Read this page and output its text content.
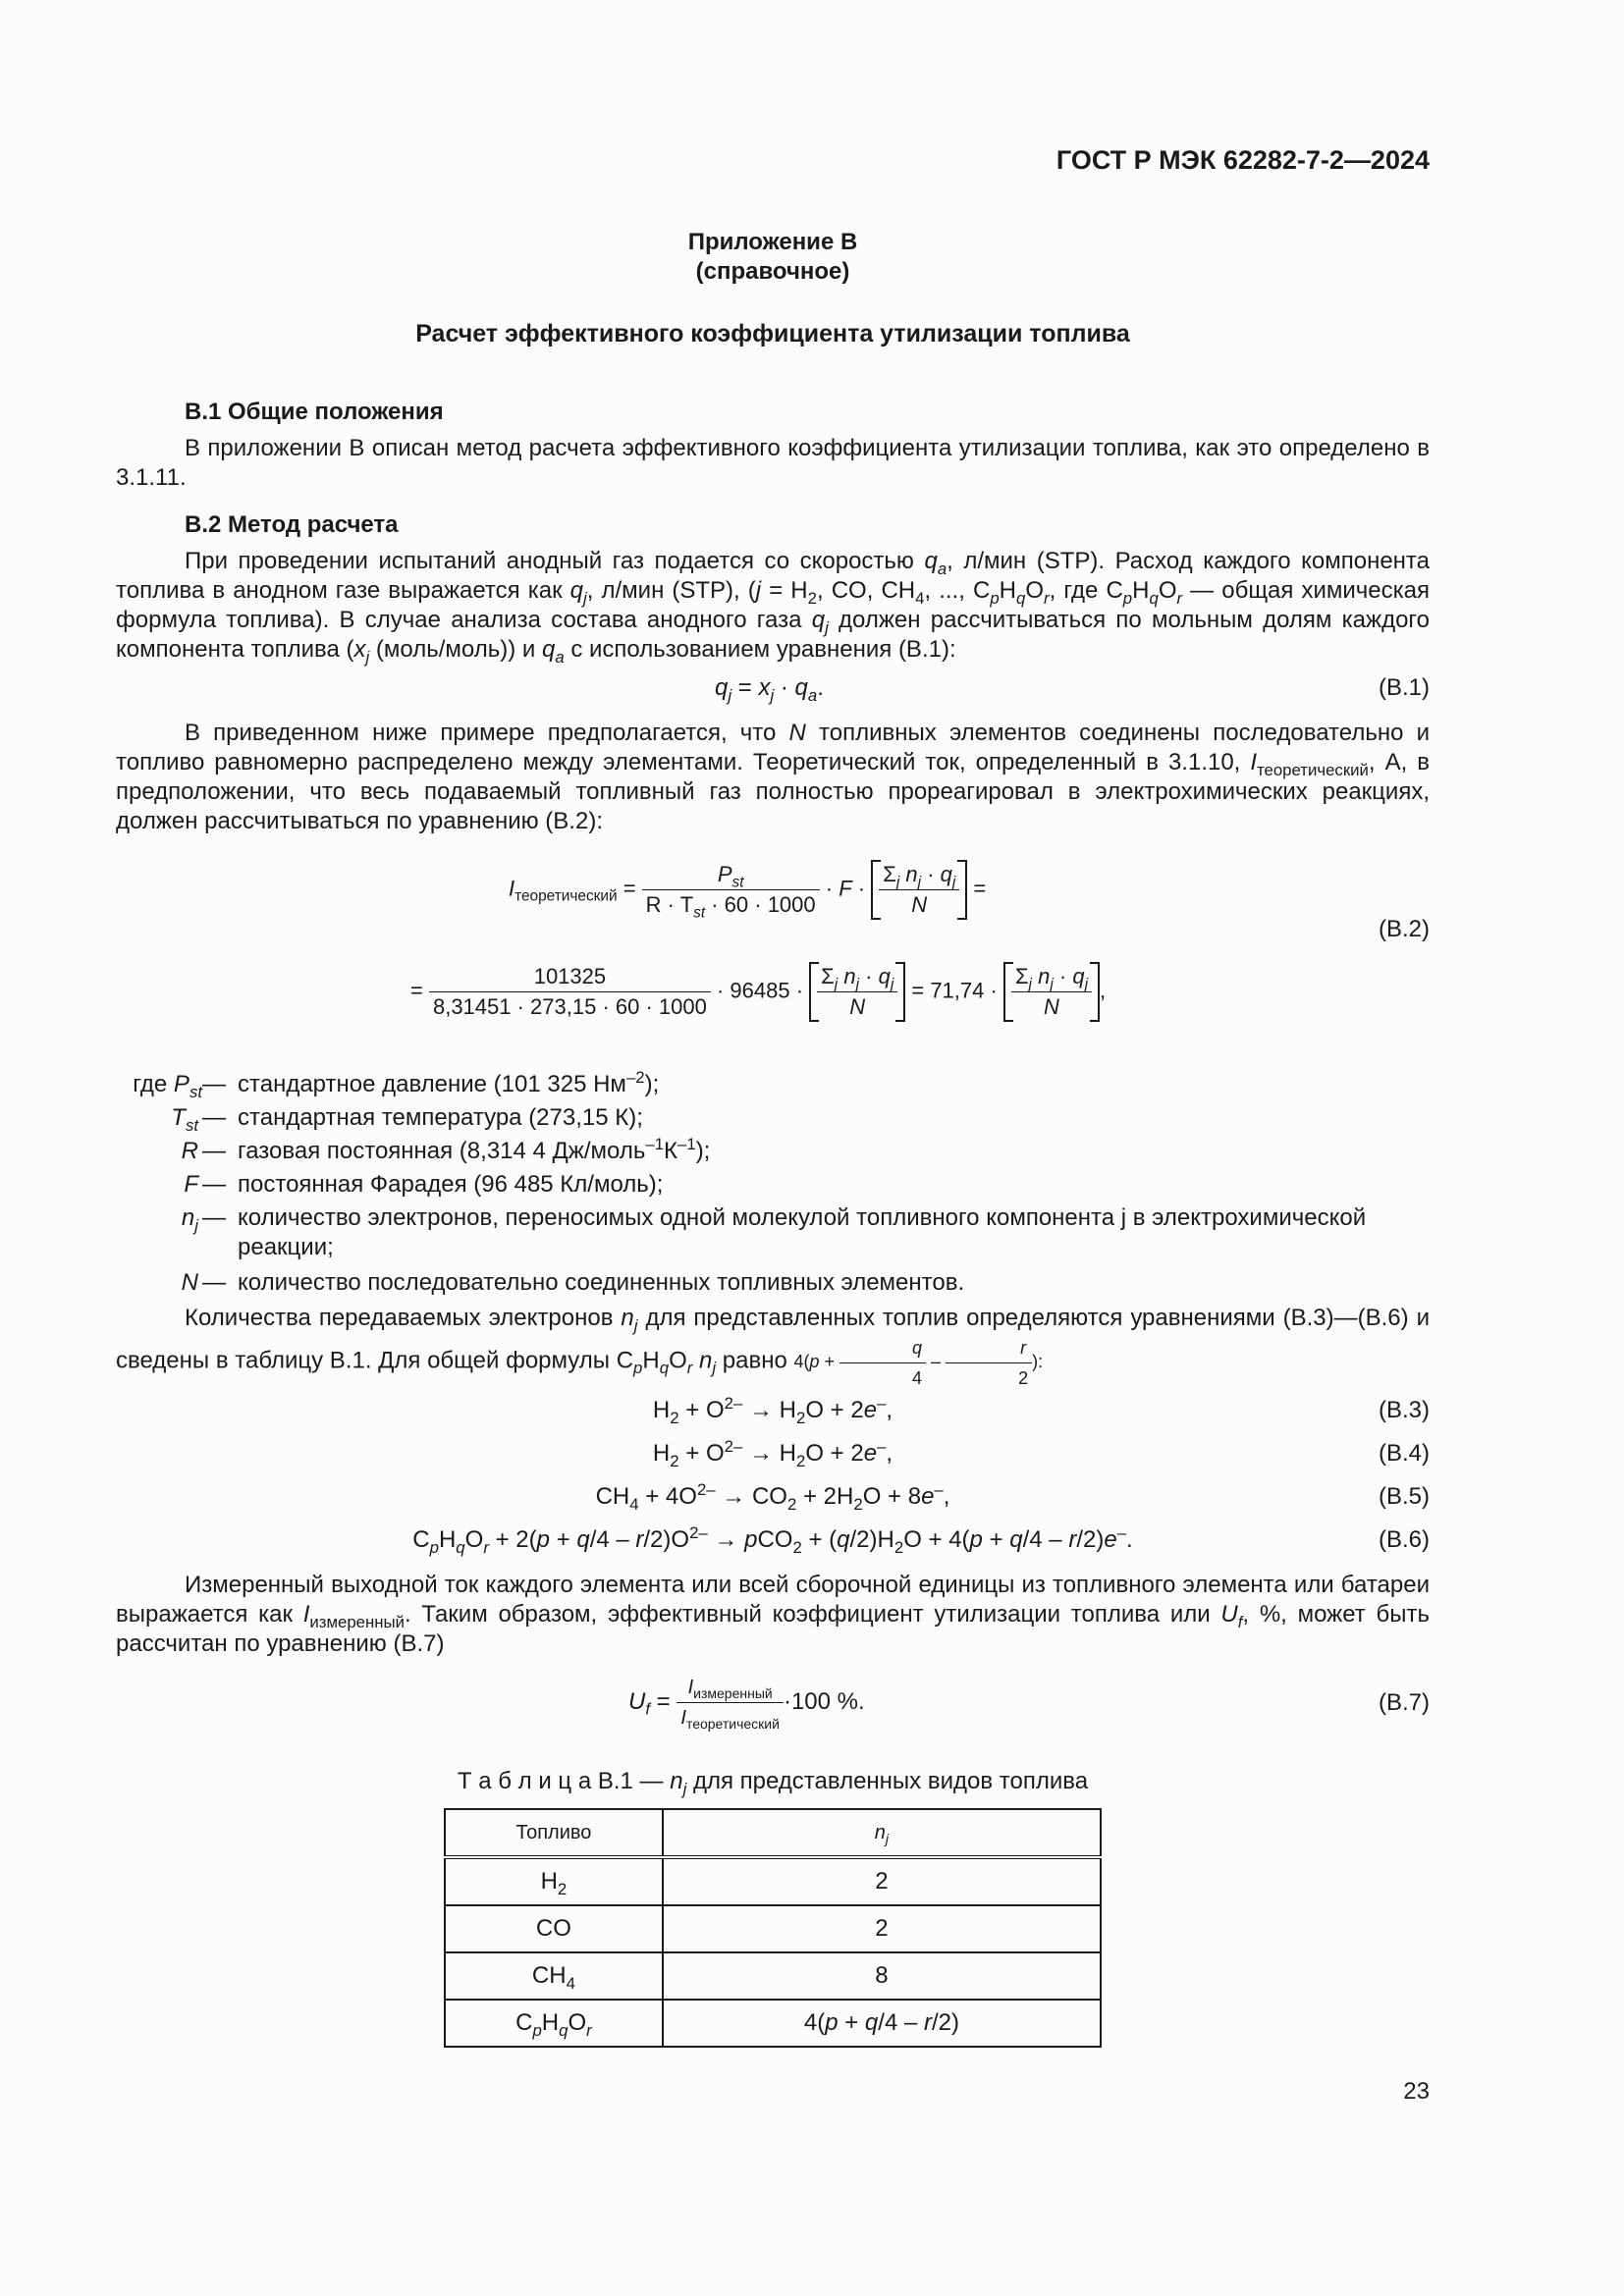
ГОСТ Р МЭК 62282-7-2—2024
Приложение В
(справочное)
Расчет эффективного коэффициента утилизации топлива
В.1 Общие положения
В приложении В описан метод расчета эффективного коэффициента утилизации топлива, как это определено в 3.1.11.
В.2 Метод расчета
При проведении испытаний анодный газ подается со скоростью $q_a$, л/мин (STP). Расход каждого компонента топлива в анодном газе выражается как $q_j$, л/мин (STP), ($j = H_2$, CO, $CH_4$, ..., $C_pH_qO_r$, где $C_pH_qO_r$ — общая химическая формула топлива). В случае анализа состава анодного газа $q_j$ должен рассчитываться по мольным долям каждого компонента топлива ($x_j$ (моль/моль)) и $q_a$ с использованием уравнения (В.1):
$q_j = x_j \cdot q_a$.	(В.1)
В приведенном ниже примере предполагается, что N топливных элементов соединены последовательно и топливо равномерно распределено между элементами. Теоретический ток, определенный в 3.1.10, $I_{теоретический}$, А, в предположении, что весь подаваемый топливный газ полностью прореагировал в электрохимических реакциях, должен рассчитываться по уравнению (В.2):
$I_{теоретический} = \frac{P_{st}}{R \cdot T_{st} \cdot 60 \cdot 1000} \cdot F \cdot \frac{\Sigma_j n_j \cdot q_j}{N}$ =
(В.2)
= $\frac{101325}{8,31451 \cdot 273,15 \cdot 60 \cdot 1000} \cdot 96485 \cdot \frac{\Sigma_j n_j \cdot q_j}{N} = 71,74 \cdot \frac{\Sigma_j n_j \cdot q_j}{N}$ ,
где $P_{st}$ — стандартное давление (101 325 $Нм^{-2}$);
$T_{st}$ — стандартная температура (273,15 К);
R — газовая постоянная (8,314 4 $Дж/моль^{-1}К^{-1}$);
F — постоянная Фарадея (96 485 Кл/моль);
$n_j$ — количество электронов, переносимых одной молекулой топливного компонента j в электрохимической реакции;
N — количество последовательно соединенных топливных элементов.
Количества передаваемых электронов $n_j$ для представленных топлив определяются уравнениями (В.3)—(В.6) и сведены в таблицу В.1. Для общей формулы $C_pH_qO_r$ $n_j$ равно $4(p + \frac{q}{4} - \frac{r}{2}$ ):
$H_2 + O^{2-} \to H_2O + 2e^-$,	(В.3)
$H_2 + O^{2-} \to H_2O + 2e^-$,	(В.4)
$CH_4 + 4O^{2-} \to CO_2 + 2H_2O + 8e^-$,	(В.5)
$C_pH_qO_r + 2(p + q/4 - r/2)O^{2-} \to pCO_2 + (q/2)H_2O + 4(p + q/4 - r/2)e^-$.	(В.6)
Измеренный выходной ток каждого элемента или всей сборочной единицы из топливного элемента или батареи выражается как $I_{измеренный}$. Таким образом, эффективный коэффициент утилизации топлива или $U_f$, %, может быть рассчитан по уравнению (В.7)
$U_f = \frac{I_{измеренный}}{I_{теоретический}} \cdot 100$ %.	(В.7)
Т а б л и ц а В.1 — $n_j$ для представленных видов топлива
Топливо	$n_j$
$H_2$	2
CO	2
$CH_4$	8
$C_pH_qO_r$	4(p + q/4 – r/2)
23
